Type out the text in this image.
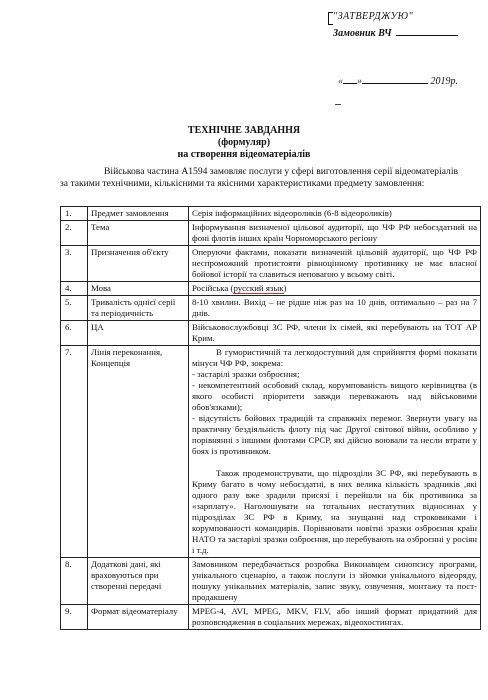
"ЗАТВЕРДЖУЮ"
Замовник ВЧ
« »	2019р.
ТЕХНІЧНЕ ЗАВДАННЯ
(формуляр)
на створення відеоматеріалів
Військова частина А1594 замовляє послуги у сфері виготовлення серії відеоматеріалів
за такими технічними, кількісними та якісними характеристиками предмету замовлення:
1.	Предмет замовлення	Серія інформаційних відеороликів (6-8 відеороликів)

2.	Тема	Інформування визначеної цільової аудиторії, що ЧФ РФ небоєздатний на фоні флотів інших країн Чорноморського регіону

3.	Призначення об'єкту	Оперуючи фактами, показати визначеній цільовій аудиторії, що ЧФ РФ неспроможний протистояти рівноцінному противнику не має власної бойової історії та славиться неповагою у всьому світі.

4.	Мова	Російська (русский язык)
5.	Тривалість однієї серії та періодичність	8-10 хвилин. Вихід – не рідше ніж раз на 10 днів, оптимально – раз на 7 днів.

6.	ЦА	Військовослужбовці ЗС РФ, члени їх сімей, які перебувають на ТОТ АР Крим.

7.	Лінія переконання, Концепція	В гумористичній та легкодоступний для сприйняття формі показати мінуси ЧФ РФ, зокрема:
- застарілі зразки озброєння;
- некомпетентний особовий склад, корумпованість вищого керівництва (в якого особисті пріоритети завжди переважають над військовими обов'язками);
- відсутність бойових традицій та справжніх перемог. Звернути увагу на практичну бездіяльність флоту під час Другої світової війни, особливо у порівнянні з іншими флотами СРСР, які дійсно воювали та несли втрати у боях із противником.
Також продемонструвати, що підрозділи ЗС РФ, які перебувають в Криму багато в чому небоєздатні, в них велика кількість зрадників ,які одного разу вже зрадили присязі і перейшли на бік противника за «зарплату». Наголошувати на тотальних нестатутних відносинах у підрозділах ЗС РФ в Криму, на знущанні над строковиками і корумпованості командирів. Порівнювати новітні зразки озброєння країн НАТО та застарілі зразки озброєння, що перебувають на озброєнні у росіян і т.д.

8.	Додаткові дані, які враховуються при створенні передачі	Замовником передбачається розробка Виконавцем синопсису програми, унікального сценарію, а також послуги із зйомки унікального відеоряду, пошуку унікальних матеріалів, запис звуку, озвучення, монтажу та пост-продакшену

9.	Формат відеоматеріалу	MPEG-4, AVI, MPEG, MKV, FLV, або інший формат придатний для розповсюдження в соціальних мережах, відеохостингах.
